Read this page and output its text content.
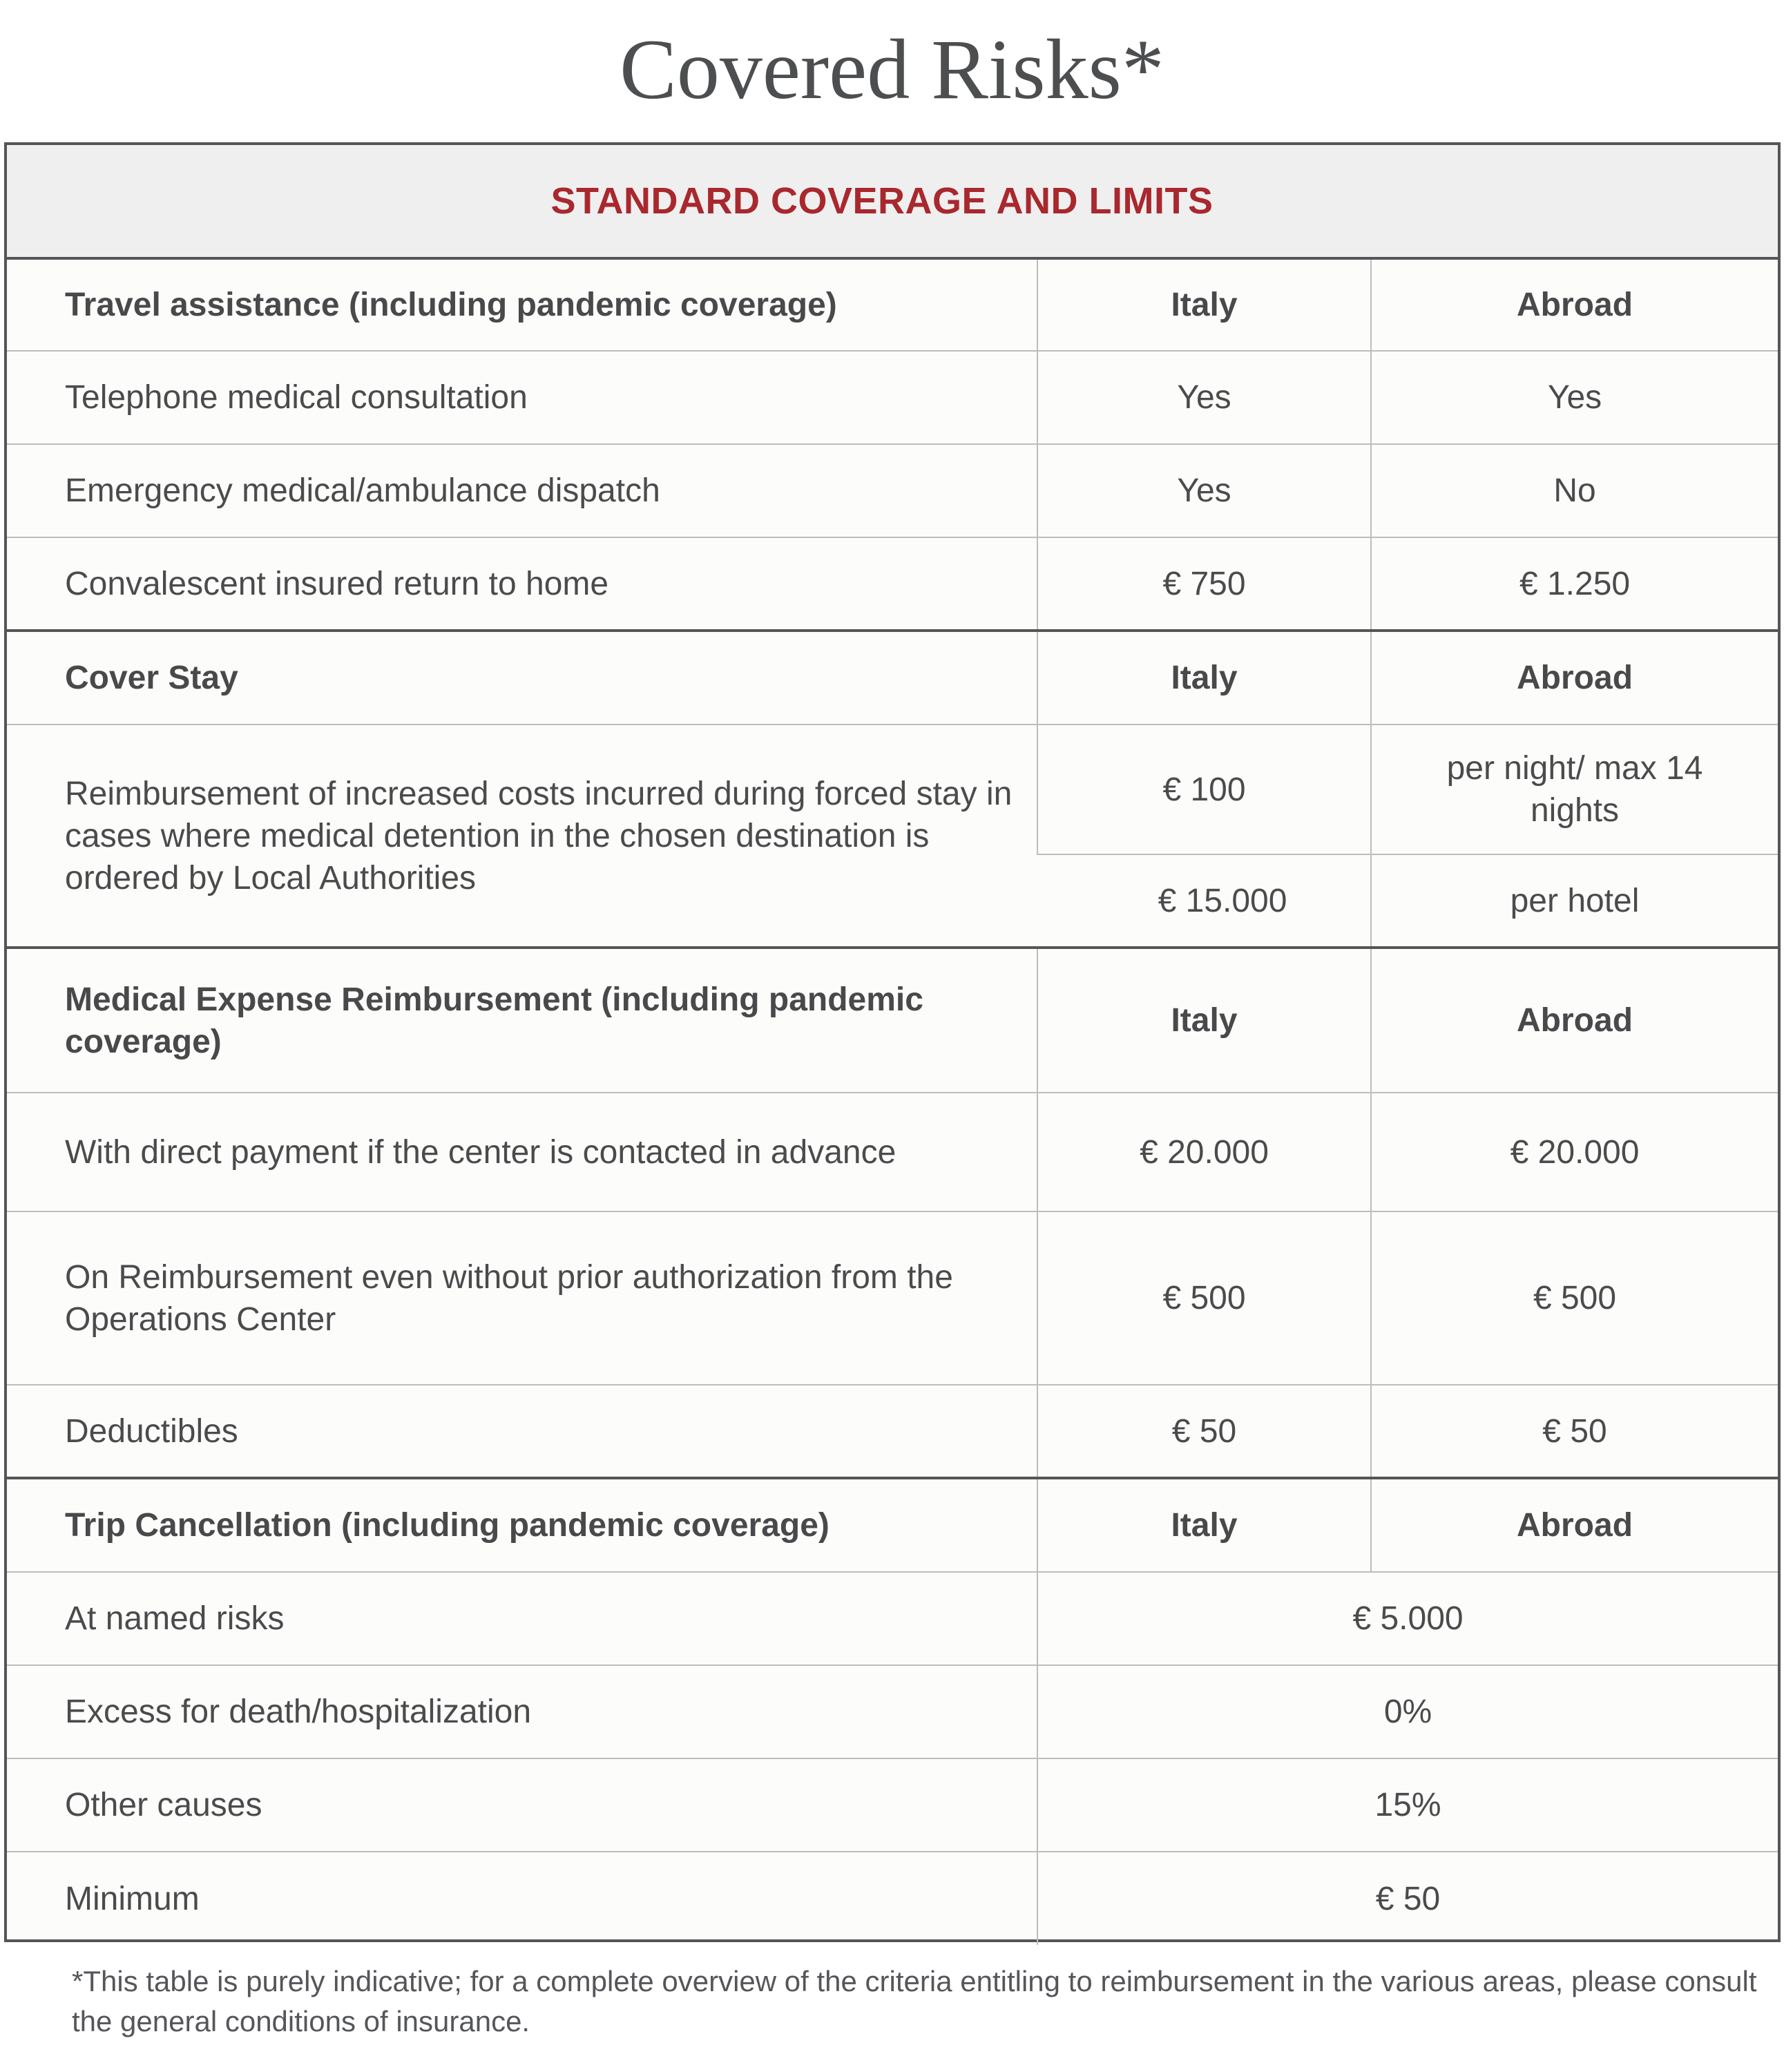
Covered Risks*
STANDARD COVERAGE AND LIMITS		
Travel assistance (including pandemic coverage)	Italy	Abroad
Telephone medical consultation	Yes	Yes
Emergency medical/ambulance dispatch	Yes	No
Convalescent insured return to home	€ 750	€ 1.250
Cover Stay	Italy	Abroad
Reimbursement of increased costs incurred during forced stay in cases where medical detention in the chosen destination is ordered by Local Authorities	€ 100	per night/ max 14 nights
	€ 15.000	per hotel
Medical Expense Reimbursement (including pandemic coverage)	Italy	Abroad
With direct payment if the center is contacted in advance	€ 20.000	€ 20.000
On Reimbursement even without prior authorization from the Operations Center	€ 500	€ 500
Deductibles	€ 50	€ 50
Trip Cancellation (including pandemic coverage)	Italy	Abroad
At named risks	€ 5.000	
Excess for death/hospitalization	0%	
Other causes	15%	
Minimum	€ 50	
*This table is purely indicative; for a complete overview of the criteria entitling to reimbursement in the various areas, please consult the general conditions of insurance.
